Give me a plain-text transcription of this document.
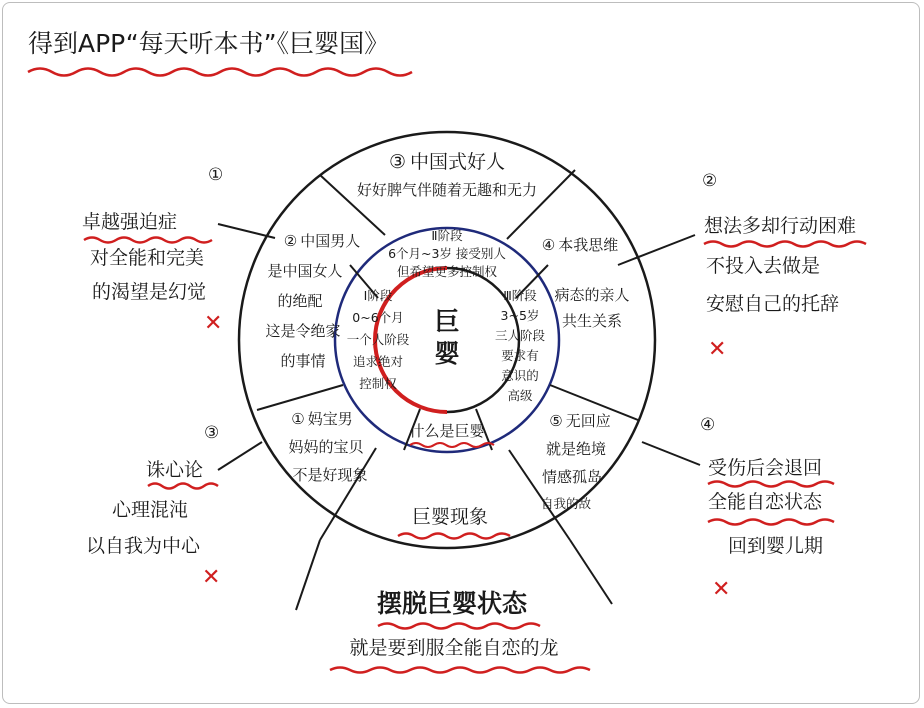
得到APP“每天听本书”《巨婴国》
巨
婴
Ⅱ阶段
6个月~3岁 接受别人
但希望更多控制权
Ⅰ阶段
0~6个月
一个人阶段
追求绝对
控制权
Ⅲ阶段
3~5岁
三人阶段
要求有
意识的
高级
什么是巨婴
③ 中国式好人
好好脾气伴随着无趣和无力
② 中国男人
是中国女人
的绝配
这是令绝家
的事情
④ 本我思维
病态的亲人
共生关系
① 妈宝男
妈妈的宝贝
不是好现象
⑤ 无回应
就是绝境
情感孤岛
自我的敌
巨婴现象
①
卓越强迫症
对全能和完美
的渴望是幻觉
✕
③
诛心论
心理混沌
以自我为中心
✕
②
想法多却行动困难
不投入去做是
安慰自己的托辞
✕
④
受伤后会退回
全能自恋状态
回到婴儿期
✕
摆脱巨婴状态
就是要到服全能自恋的龙
